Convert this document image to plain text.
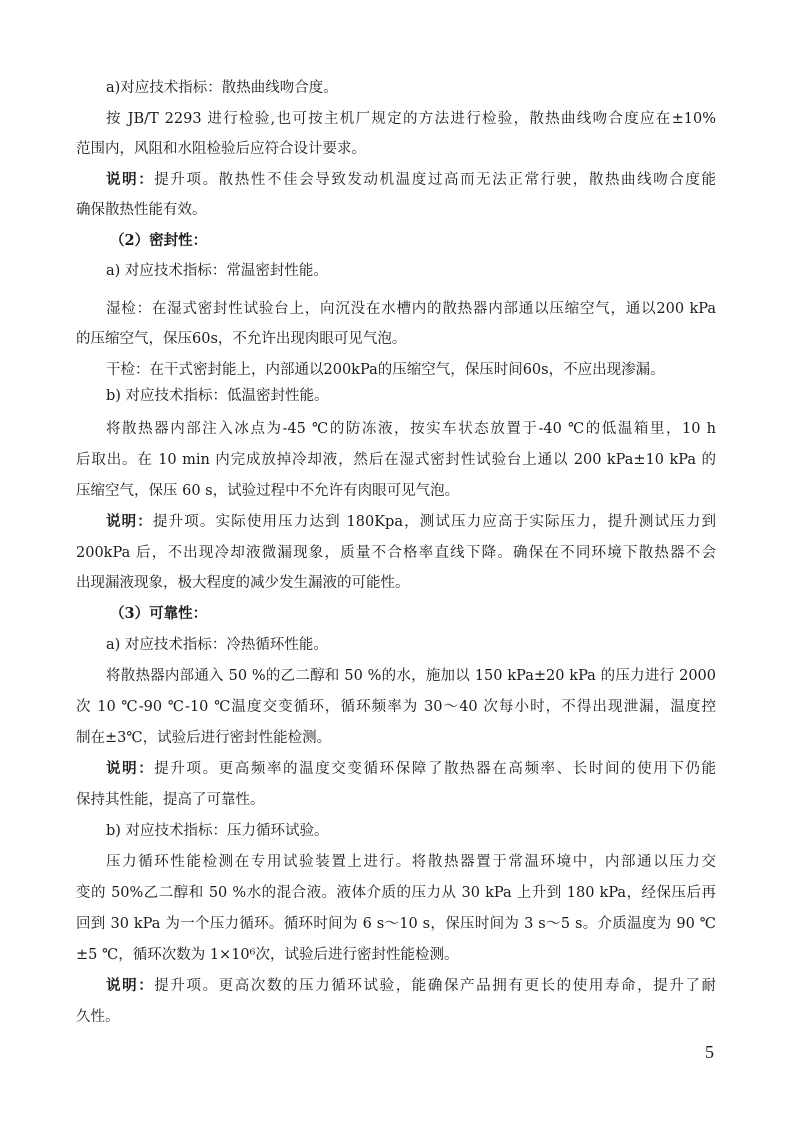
a)对应技术指标：散热曲线吻合度。
按 JB/T 2293 进行检验,也可按主机厂规定的方法进行检验，散热曲线吻合度应在±10%
范围内，风阻和水阻检验后应符合设计要求。
说明：提升项。散热性不佳会导致发动机温度过高而无法正常行驶，散热曲线吻合度能
确保散热性能有效。
（2）密封性：
a) 对应技术指标：常温密封性能。
湿检：在湿式密封性试验台上，向沉没在水槽内的散热器内部通以压缩空气，通以200 kPa
的压缩空气，保压60s，不允许出现肉眼可见气泡。
干检：在干式密封能上，内部通以200kPa的压缩空气，保压时间60s，不应出现渗漏。
b) 对应技术指标：低温密封性能。
将散热器内部注入冰点为-45 ℃的防冻液，按实车状态放置于-40 ℃的低温箱里，10 h
后取出。在 10 min 内完成放掉冷却液，然后在湿式密封性试验台上通以 200 kPa±10 kPa 的
压缩空气，保压 60 s，试验过程中不允许有肉眼可见气泡。
说明：提升项。实际使用压力达到 180Kpa，测试压力应高于实际压力，提升测试压力到
200kPa 后，不出现冷却液微漏现象，质量不合格率直线下降。确保在不同环境下散热器不会
出现漏液现象，极大程度的减少发生漏液的可能性。
（3）可靠性：
a) 对应技术指标：冷热循环性能。
将散热器内部通入 50 %的乙二醇和 50 %的水，施加以 150 kPa±20 kPa 的压力进行 2000
次 10 ℃-90 ℃-10 ℃温度交变循环，循环频率为 30～40 次每小时，不得出现泄漏，温度控
制在±3℃，试验后进行密封性能检测。
说明：提升项。更高频率的温度交变循环保障了散热器在高频率、长时间的使用下仍能
保持其性能，提高了可靠性。
b) 对应技术指标：压力循环试验。
压力循环性能检测在专用试验装置上进行。将散热器置于常温环境中，内部通以压力交
变的 50%乙二醇和 50 %水的混合液。液体介质的压力从 30 kPa 上升到 180 kPa，经保压后再
回到 30 kPa 为一个压力循环。循环时间为 6 s～10 s，保压时间为 3 s～5 s。介质温度为 90 ℃
±5 ℃，循环次数为 1×10⁶次，试验后进行密封性能检测。
说明：提升项。更高次数的压力循环试验，能确保产品拥有更长的使用寿命，提升了耐
久性。
5
